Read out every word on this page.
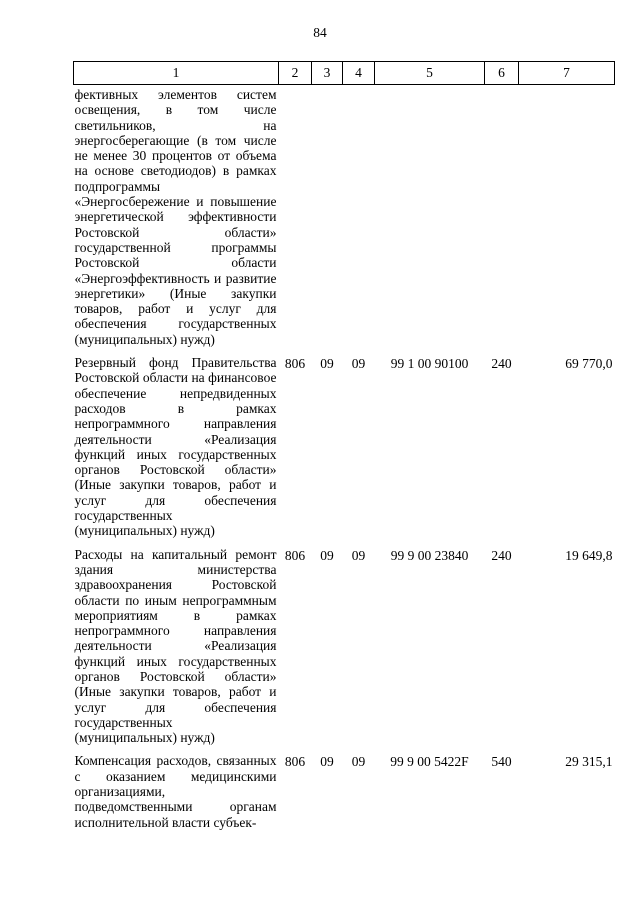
84
1	2	3	4	5	6	7
фективных элементов систем освещения, в том числе светильников, на энергосберегающие (в том числе не менее 30 процентов от объема на основе светодиодов) в рамках подпрограммы «Энергосбережение и повышение энергетической эффективности Ростовской области» государственной программы Ростовской области «Энергоэффективность и развитие энергетики» (Иные закупки товаров, работ и услуг для обеспечения государственных (муниципальных) нужд)						
Резервный фонд Правительства Ростовской области на финансовое обеспечение непредвиденных расходов в рамках непрограммного направления деятельности «Реализация функций иных государственных органов Ростовской области» (Иные закупки товаров, работ и услуг для обеспечения государственных (муниципальных) нужд)	806	09	09	99 1 00 90100	240	69 770,0
Расходы на капитальный ремонт здания министерства здравоохранения Ростовской области по иным непрограммным мероприятиям в рамках непрограммного направления деятельности «Реализация функций иных государственных органов Ростовской области» (Иные закупки товаров, работ и услуг для обеспечения государственных (муниципальных) нужд)	806	09	09	99 9 00 23840	240	19 649,8
Компенсация расходов, связанных с оказанием медицинскими организациями, подведомственными органам исполнительной власти субъек-	806	09	09	99 9 00 5422F	540	29 315,1
